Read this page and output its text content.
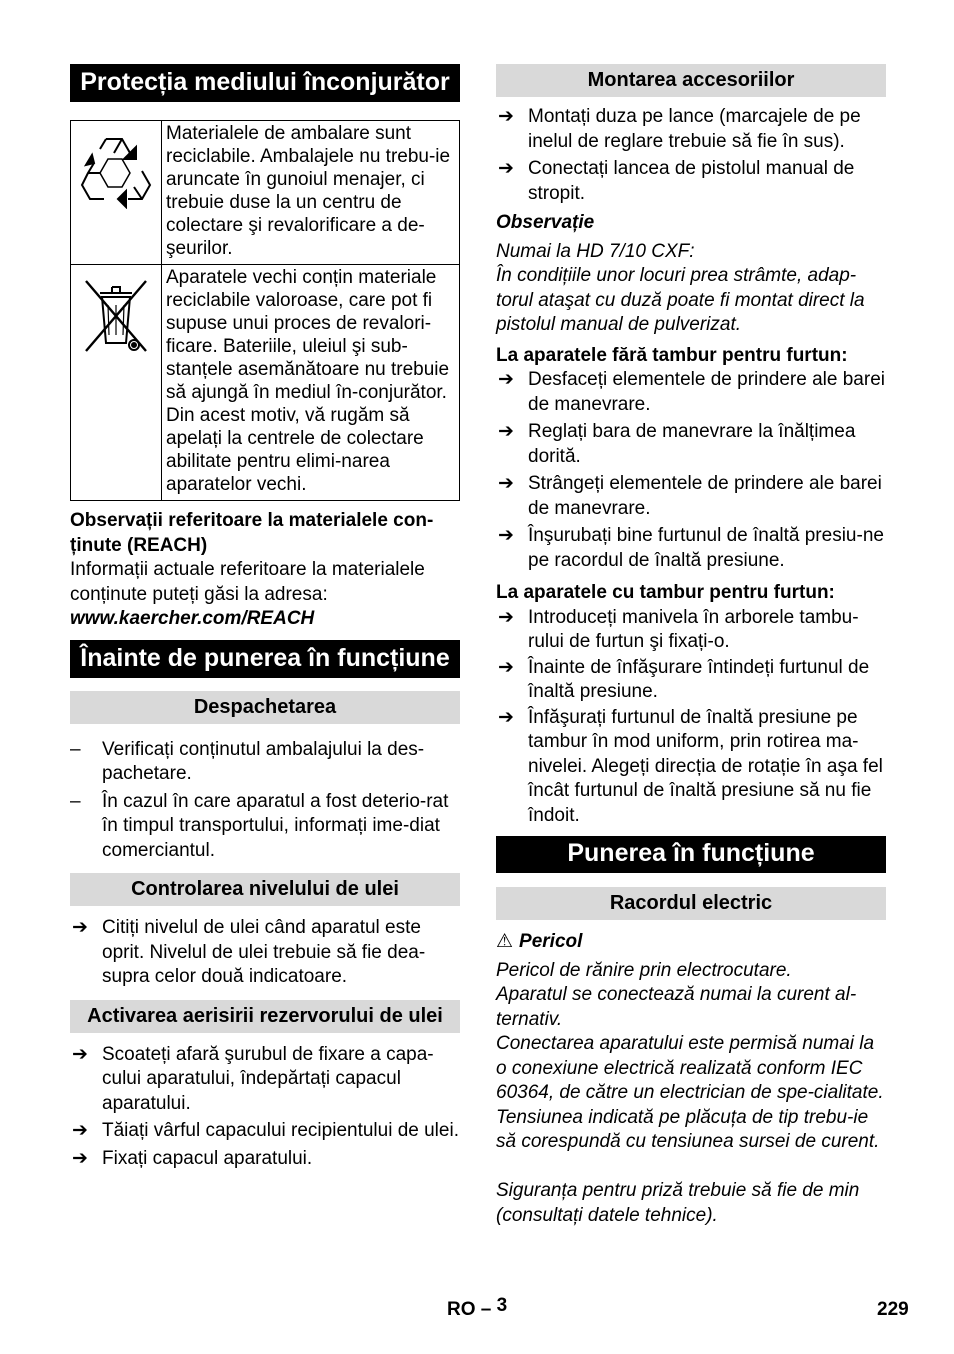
Protecția mediului înconjurător
	Materialele de ambalare sunt reciclabile. Ambalajele nu trebu-ie aruncate în gunoiul menajer, ci trebuie duse la un centru de colectare şi revalorificare a de-şeurilor.
	Aparatele vechi conțin materiale reciclabile valoroase, care pot fi supuse unui proces de revalori-ficare. Bateriile, uleiul şi sub-stanțele asemănătoare nu trebuie să ajungă în mediul în-conjurător. Din acest motiv, vă rugăm să apelați la centrele de colectare abilitate pentru elimi-narea aparatelor vechi.
Observații referitoare la materialele con-ținute (REACH)
Informații actuale referitoare la materialele conținute puteți găsi la adresa:
www.kaercher.com/REACH
Înainte de punerea în funcțiune
Despachetarea
–	Verificați conținutul ambalajului la des-pachetare.
–	În cazul în care aparatul a fost deterio-rat în timpul transportului, informați ime-diat comerciantul.
Controlarea nivelului de ulei
➔ Citiți nivelul de ulei când aparatul este oprit. Nivelul de ulei trebuie să fie dea-supra celor două indicatoare.
Activarea aerisirii rezervorului de ulei
➔ Scoateți afară şurubul de fixare a capa-cului aparatului, îndepărtați capacul aparatului.
➔ Tăiați vârful capacului recipientului de ulei.
➔ Fixați capacul aparatului.
Montarea accesoriilor
➔ Montați duza pe lance (marcajele de pe inelul de reglare trebuie să fie în sus).
➔ Conectați lancea de pistolul manual de stropit.
Observație
Numai la HD 7/10 CXF:
În condițiile unor locuri prea strâmte, adap-torul ataşat cu duză poate fi montat direct la pistolul manual de pulverizat.
La aparatele fără tambur pentru furtun:
➔ Desfaceți elementele de prindere ale barei de manevrare.
➔ Reglați bara de manevrare la înălțimea dorită.
➔ Strângeți elementele de prindere ale barei de manevrare.
➔ Înşurubați bine furtunul de înaltă presiu-ne pe racordul de înaltă presiune.
La aparatele cu tambur pentru furtun:
➔ Introduceți manivela în arborele tambu-rului de furtun şi fixați-o.
➔ Înainte de înfăşurare întindeți furtunul de înaltă presiune.
➔ Înfăşurați furtunul de înaltă presiune pe tambur în mod uniform, prin rotirea ma-nivelei. Alegeți direcția de rotație în aşa fel încât furtunul de înaltă presiune să nu fie îndoit.
Punerea în funcțiune
Racordul electric
⚠ Pericol
Pericol de rănire prin electrocutare.
Aparatul se conectează numai la curent al-ternativ.
Conectarea aparatului este permisă numai la o conexiune electrică realizată conform IEC 60364, de către un electrician de spe-cialitate.
Tensiunea indicată pe plăcuța de tip trebu-ie să corespundă cu tensiunea sursei de curent.
Siguranța pentru priză trebuie să fie de min (consultați datele tehnice).
RO – 3	229
